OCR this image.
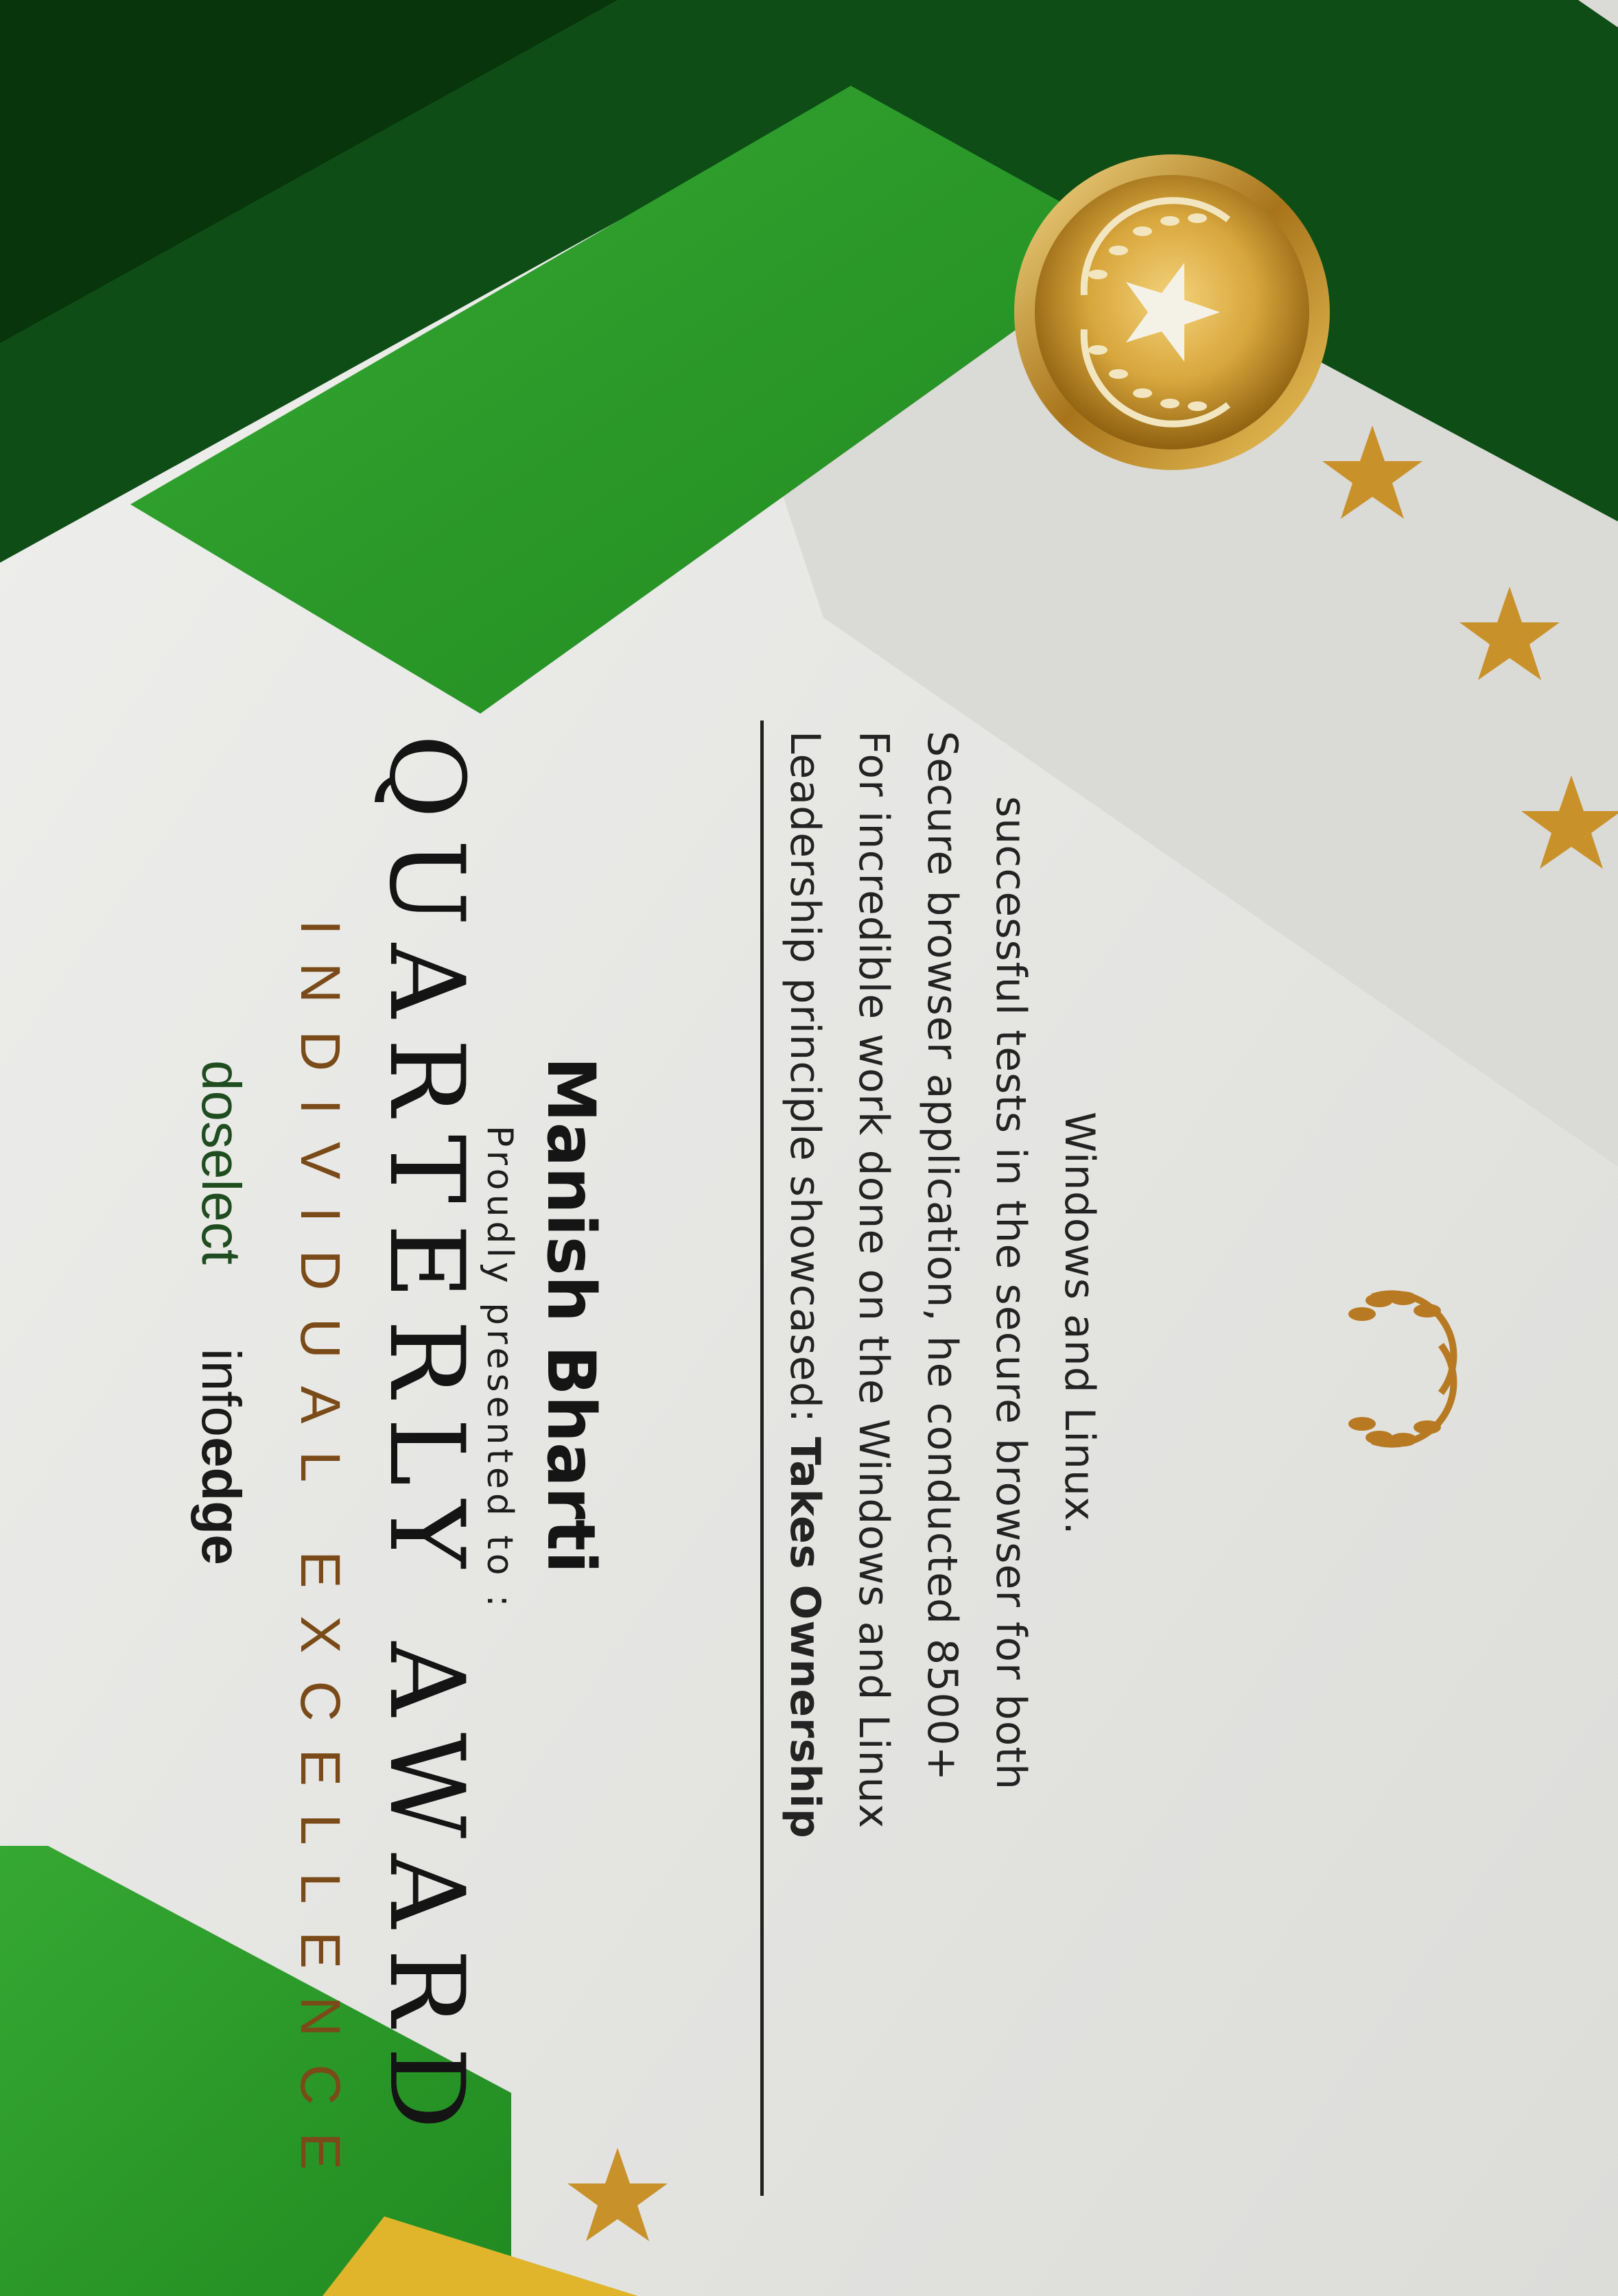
QUARTERLY AWARD
INDIVIDUAL EXCELLENCE	Proudly presented to : Manish Bharti	Leadership principle showcased: Takes Ownership For incredible work done on the Windows and Linux Secure browser application, he conducted 8500+ successful tests in the secure browser for both Windows and Linux.
doselect
infoedge
